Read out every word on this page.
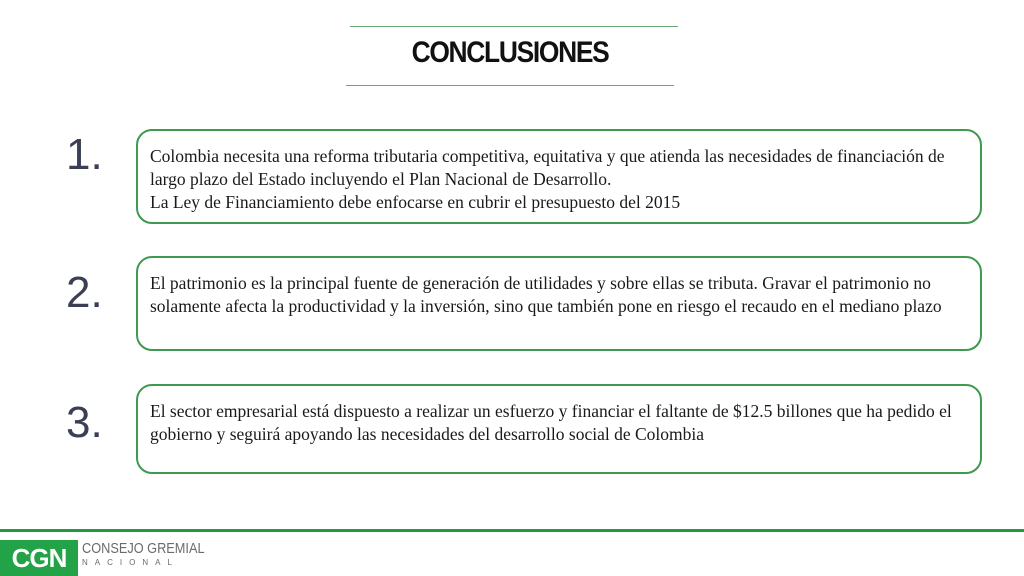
CONCLUSIONES
1.	Colombia necesita una reforma tributaria competitiva, equitativa y que atienda las necesidades de financiación de largo plazo del Estado incluyendo el Plan Nacional de Desarrollo.

La Ley de Financiamiento debe enfocarse en cubrir el presupuesto del 2015

2.	El patrimonio es la principal fuente de generación de utilidades y sobre ellas se tributa. Gravar el patrimonio no solamente afecta la productividad y la inversión, sino que también pone en riesgo el recaudo en el mediano plazo

3.	El sector empresarial está dispuesto a realizar un esfuerzo y financiar el faltante de $12.5 billones que ha pedido el gobierno y seguirá apoyando las necesidades del desarrollo social de Colombia

CGN	CONSEJO GREMIAL
NACIONAL
